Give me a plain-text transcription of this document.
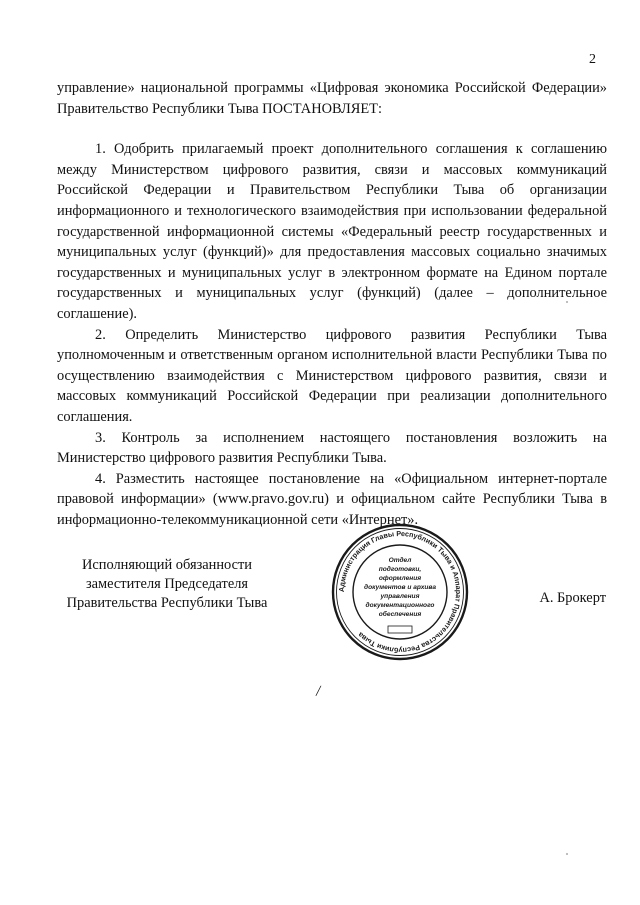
2

управление» национальной программы «Цифровая экономика Российской Федерации» Правительство Республики Тыва ПОСТАНОВЛЯЕТ:

1. Одобрить прилагаемый проект дополнительного соглашения к соглашению между Министерством цифрового развития, связи и массовых коммуникаций Российской Федерации и Правительством Республики Тыва об организации информационного и технологического взаимодействия при использовании федеральной государственной информационной системы «Федеральный реестр государственных и муниципальных услуг (функций)» для предоставления массовых социально значимых государственных и муниципальных услуг в электронном формате на Едином портале государственных и муниципальных услуг (функций) (далее – дополнительное соглашение).

2. Определить Министерство цифрового развития Республики Тыва уполномоченным и ответственным органом исполнительной власти Республики Тыва по осуществлению взаимодействия с Министерством цифрового развития, связи и массовых коммуникаций Российской Федерации при реализации дополнительного соглашения.

3. Контроль за исполнением настоящего постановления возложить на Министерство цифрового развития Республики Тыва.

4. Разместить настоящее постановление на «Официальном интернет-портале правовой информации» (www.pravo.gov.ru) и официальном сайте Республики Тыва в информационно-телекоммуникационной сети «Интернет».

Исполняющий обязанности
заместителя Председателя
Правительства Республики Тыва	А. Брокерт
Администрация Главы Республики Тыва и Аппарат Правительства Республики Тыва
Отдел
подготовки,
оформления
документов и архива
управления
документационного
обеспечения
/
